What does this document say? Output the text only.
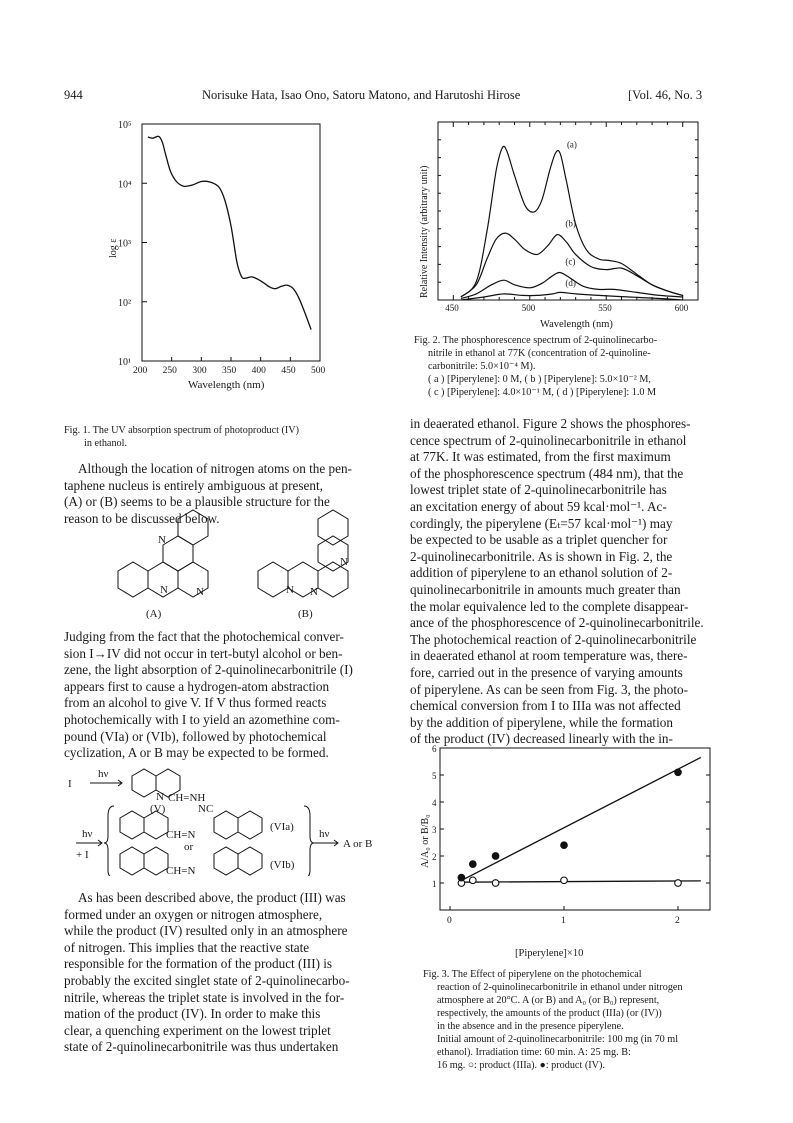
944	Norisuke Hata, Isao Ono, Satoru Matono, and Harutoshi Hirose	[Vol. 46, No. 3
10⁵
10⁴
10³
10²
10¹
200 250 300 350 400 450 500
log ε
Wavelength (nm)
Fig. 1. The UV absorption spectrum of photoproduct (IV)
in ethanol.
450	500	550	600
(a)
(b)
(c)
(d)
Relative Intensity (arbitrary unit)
Wavelength (nm)
Fig. 2. The phosphorescence spectrum of 2-quinolinecarbo-
nitrile in ethanol at 77K (concentration of 2-quinoline-
carbonitrile: 5.0×10⁻⁴ M).
( a ) [Piperylene]: 0 M, ( b ) [Piperylene]: 5.0×10⁻² M,
( c ) [Piperylene]: 4.0×10⁻¹ M, ( d ) [Piperylene]: 1.0 M
Although the location of nitrogen atoms on the pen-
taphene nucleus is entirely ambiguous at present,
(A) or (B) seems to be a plausible structure for the
reason to be discussed below.
N	N
N
N N
N
(A)	(B)
Judging from the fact that the photochemical conver-
sion I→IV did not occur in tert-butyl alcohol or ben-
zene, the light absorption of 2-quinolinecarbonitrile (I)
appears first to cause a hydrogen-atom abstraction
from an alcohol to give V. If V thus formed reacts
photochemically with I to yield an azomethine com-
pound (VIa) or (VIb), followed by photochemical
cyclization, A or B may be expected to be formed.
I
hν
CH=NH
N
(V)	NC
CH=N
(VIa)
or
CH=N	(VIb)
hν
+ I
hν
A or B
As has been described above, the product (III) was
formed under an oxygen or nitrogen atmosphere,
while the product (IV) resulted only in an atmosphere
of nitrogen. This implies that the reactive state
responsible for the formation of the product (III) is
probably the excited singlet state of 2-quinolinecarbo-
nitrile, whereas the triplet state is involved in the for-
mation of the product (IV). In order to make this
clear, a quenching experiment on the lowest triplet
state of 2-quinolinecarbonitrile was thus undertaken
in deaerated ethanol. Figure 2 shows the phosphores-
cence spectrum of 2-quinolinecarbonitrile in ethanol
at 77K. It was estimated, from the first maximum
of the phosphorescence spectrum (484 nm), that the
lowest triplet state of 2-quinolinecarbonitrile has
an excitation energy of about 59 kcal·mol⁻¹. Ac-
cordingly, the piperylene (Eₜ=57 kcal·mol⁻¹) may
be expected to be usable as a triplet quencher for
2-quinolinecarbonitrile. As is shown in Fig. 2, the
addition of piperylene to an ethanol solution of 2-
quinolinecarbonitrile in amounts much greater than
the molar equivalence led to the complete disappear-
ance of the phosphorescence of 2-quinolinecarbonitrile.
The photochemical reaction of 2-quinolinecarbonitrile
in deaerated ethanol at room temperature was, there-
fore, carried out in the presence of varying amounts
of piperylene. As can be seen from Fig. 3, the photo-
chemical conversion from I to IIIa was not affected
by the addition of piperylene, while the formation
of the product (IV) decreased linearly with the in-
1
2
3
4
5
6
0	1	2
A/A₀ or B/B₀
[Piperylene]×10
Fig. 3. The Effect of piperylene on the photochemical
reaction of 2-quinolinecarbonitrile in ethanol under nitrogen
atmosphere at 20°C. A (or B) and A₀ (or B₀) represent,
respectively, the amounts of the product (IIIa) (or (IV))
in the absence and in the presence piperylene.
Initial amount of 2-quinolinecarbonitrile: 100 mg (in 70 ml
ethanol). Irradiation time: 60 min. A: 25 mg. B:
16 mg. ○: product (IIIa). ●: product (IV).
